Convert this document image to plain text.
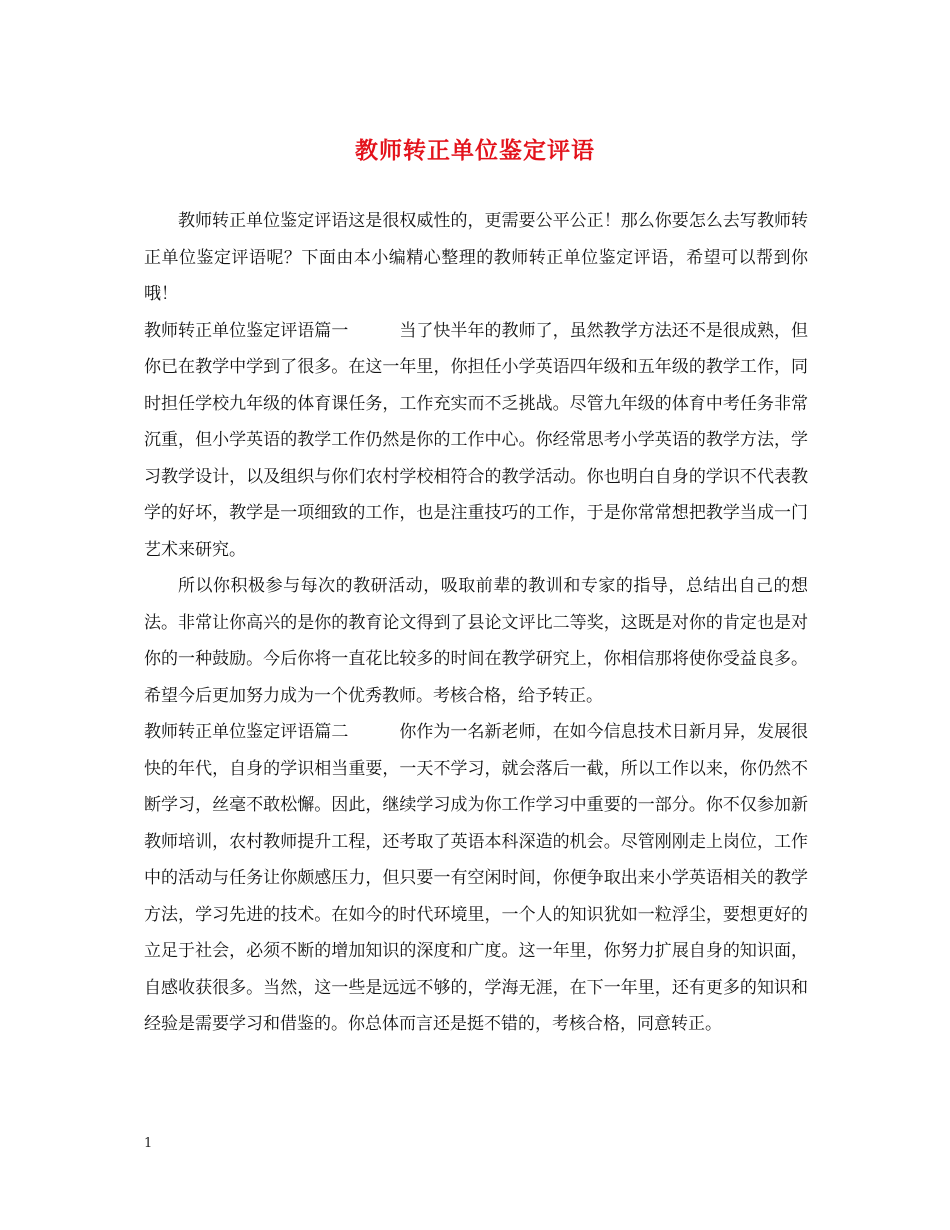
教师转正单位鉴定评语

教师转正单位鉴定评语这是很权威性的，更需要公平公正！那么你要怎么去写教师转正单位鉴定评语呢？下面由本小编精心整理的教师转正单位鉴定评语，希望可以帮到你哦！

教师转正单位鉴定评语篇一	当了快半年的教师了，虽然教学方法还不是很成熟，但你已在教学中学到了很多。在这一年里，你担任小学英语四年级和五年级的教学工作，同时担任学校九年级的体育课任务，工作充实而不乏挑战。尽管九年级的体育中考任务非常沉重，但小学英语的教学工作仍然是你的工作中心。你经常思考小学英语的教学方法，学习教学设计，以及组织与你们农村学校相符合的教学活动。你也明白自身的学识不代表教学的好坏，教学是一项细致的工作，也是注重技巧的工作，于是你常常想把教学当成一门艺术来研究。

所以你积极参与每次的教研活动，吸取前辈的教训和专家的指导，总结出自己的想法。非常让你高兴的是你的教育论文得到了县论文评比二等奖，这既是对你的肯定也是对你的一种鼓励。今后你将一直花比较多的时间在教学研究上，你相信那将使你受益良多。希望今后更加努力成为一个优秀教师。考核合格，给予转正。

教师转正单位鉴定评语篇二	你作为一名新老师，在如今信息技术日新月异，发展很快的年代，自身的学识相当重要，一天不学习，就会落后一截，所以工作以来，你仍然不断学习，丝毫不敢松懈。因此，继续学习成为你工作学习中重要的一部分。你不仅参加新教师培训，农村教师提升工程，还考取了英语本科深造的机会。尽管刚刚走上岗位，工作中的活动与任务让你颇感压力，但只要一有空闲时间，你便争取出来小学英语相关的教学方法，学习先进的技术。在如今的时代环境里，一个人的知识犹如一粒浮尘，要想更好的立足于社会，必须不断的增加知识的深度和广度。这一年里，你努力扩展自身的知识面，自感收获很多。当然，这一些是远远不够的，学海无涯，在下一年里，还有更多的知识和经验是需要学习和借鉴的。你总体而言还是挺不错的，考核合格，同意转正。

1
